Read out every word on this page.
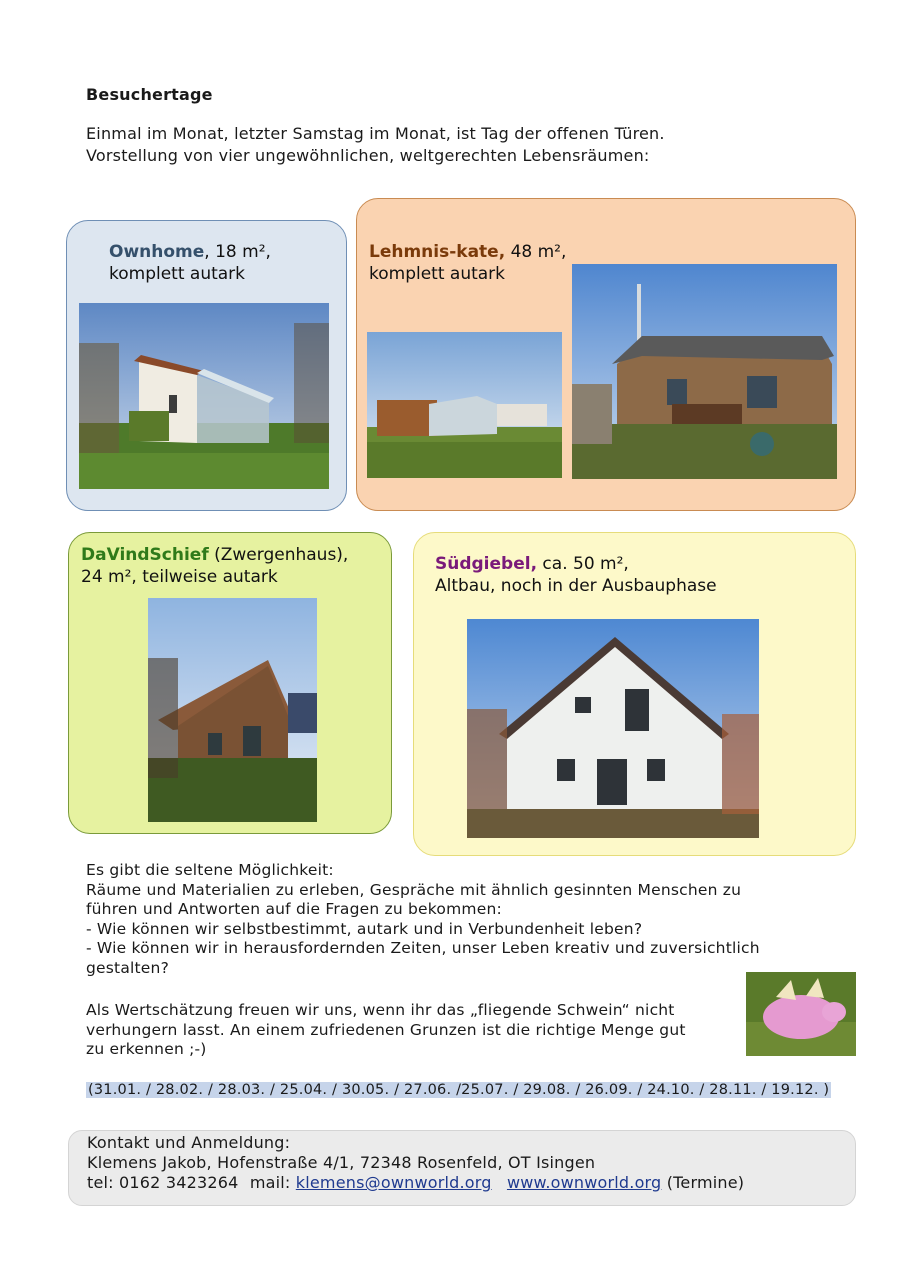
Besuchertage
Einmal im Monat, letzter Samstag im Monat, ist Tag der offenen Türen.
Vorstellung von vier ungewöhnlichen, weltgerechten Lebensräumen:
Ownhome, 18 m²,
komplett autark
Lehmnis-kate, 48 m²,
komplett autark
DaVindSchief (Zwergenhaus),
24 m², teilweise autark
Südgiebel, ca. 50 m²,
Altbau, noch in der Ausbauphase
Es gibt die seltene Möglichkeit:
Räume und Materialien zu erleben, Gespräche mit ähnlich gesinnten Menschen zu
führen und Antworten auf die Fragen zu bekommen:
- Wie können wir selbstbestimmt, autark und in Verbundenheit leben?
- Wie können wir in herausfordernden Zeiten, unser Leben kreativ und zuversichtlich
gestalten?
Als Wertschätzung freuen wir uns, wenn ihr das „fliegende Schwein“ nicht
verhungern lasst. An einem zufriedenen Grunzen ist die richtige Menge gut
zu erkennen ;-)
(31.01. / 28.02. / 28.03. / 25.04. / 30.05. / 27.06. /25.07. / 29.08. / 26.09. / 24.10. / 28.11. / 19.12. )
Kontakt und Anmeldung:
Klemens Jakob, Hofenstraße 4/1, 72348 Rosenfeld, OT Isingen
tel: 0162 3423264 mail: klemens@ownworld.org www.ownworld.org (Termine)
